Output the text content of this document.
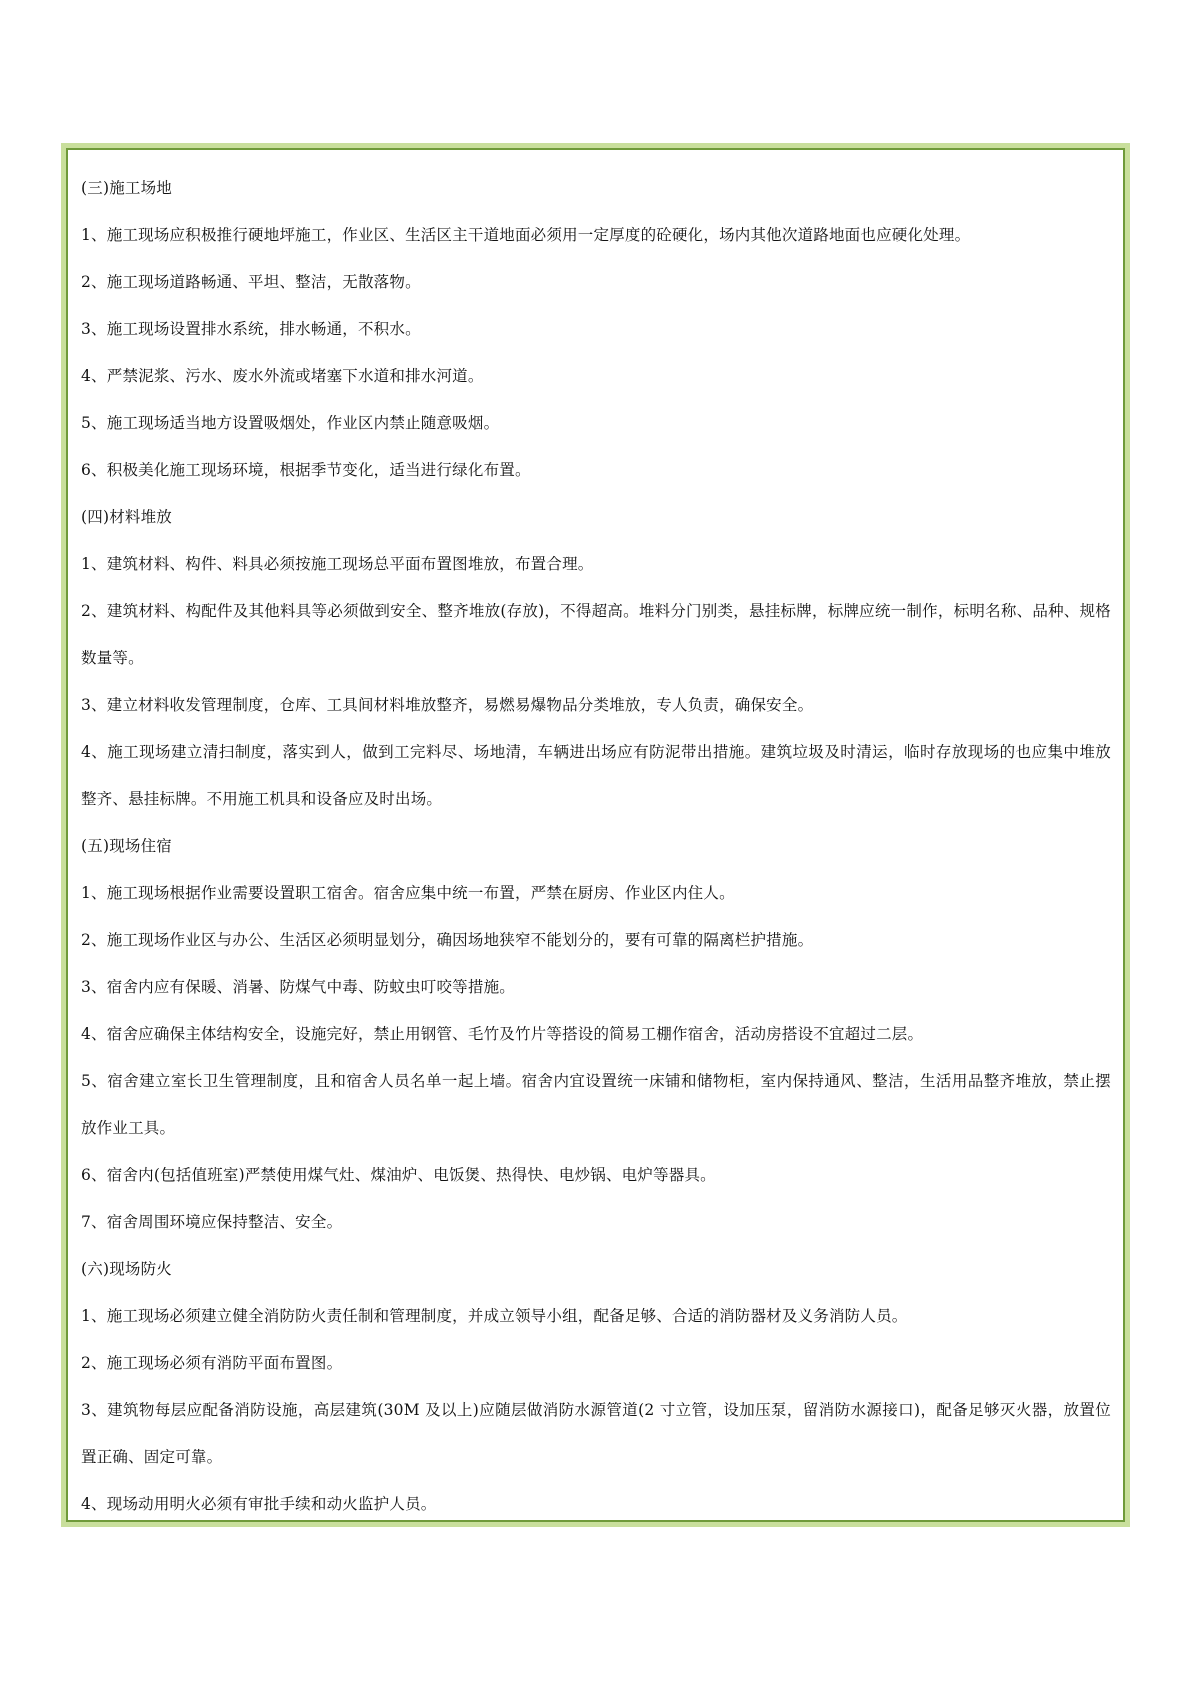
(三)施工场地
1、施工现场应积极推行硬地坪施工，作业区、生活区主干道地面必须用一定厚度的砼硬化，场内其他次道路地面也应硬化处理。
2、施工现场道路畅通、平坦、整洁，无散落物。
3、施工现场设置排水系统，排水畅通，不积水。
4、严禁泥浆、污水、废水外流或堵塞下水道和排水河道。
5、施工现场适当地方设置吸烟处，作业区内禁止随意吸烟。
6、积极美化施工现场环境，根据季节变化，适当进行绿化布置。
(四)材料堆放
1、建筑材料、构件、料具必须按施工现场总平面布置图堆放，布置合理。
2、建筑材料、构配件及其他料具等必须做到安全、整齐堆放(存放)，不得超高。堆料分门别类，悬挂标牌，标牌应统一制作，标明名称、品种、规格数量等。
3、建立材料收发管理制度，仓库、工具间材料堆放整齐，易燃易爆物品分类堆放，专人负责，确保安全。
4、施工现场建立清扫制度，落实到人，做到工完料尽、场地清，车辆进出场应有防泥带出措施。建筑垃圾及时清运，临时存放现场的也应集中堆放整齐、悬挂标牌。不用施工机具和设备应及时出场。
(五)现场住宿
1、施工现场根据作业需要设置职工宿舍。宿舍应集中统一布置，严禁在厨房、作业区内住人。
2、施工现场作业区与办公、生活区必须明显划分，确因场地狭窄不能划分的，要有可靠的隔离栏护措施。
3、宿舍内应有保暖、消暑、防煤气中毒、防蚊虫叮咬等措施。
4、宿舍应确保主体结构安全，设施完好，禁止用钢管、毛竹及竹片等搭设的简易工棚作宿舍，活动房搭设不宜超过二层。
5、宿舍建立室长卫生管理制度，且和宿舍人员名单一起上墙。宿舍内宜设置统一床铺和储物柜，室内保持通风、整洁，生活用品整齐堆放，禁止摆放作业工具。
6、宿舍内(包括值班室)严禁使用煤气灶、煤油炉、电饭煲、热得快、电炒锅、电炉等器具。
7、宿舍周围环境应保持整洁、安全。
(六)现场防火
1、施工现场必须建立健全消防防火责任制和管理制度，并成立领导小组，配备足够、合适的消防器材及义务消防人员。
2、施工现场必须有消防平面布置图。
3、建筑物每层应配备消防设施，高层建筑(30M 及以上)应随层做消防水源管道(2 寸立管，设加压泵，留消防水源接口)，配备足够灭火器，放置位置正确、固定可靠。
4、现场动用明火必须有审批手续和动火监护人员。
